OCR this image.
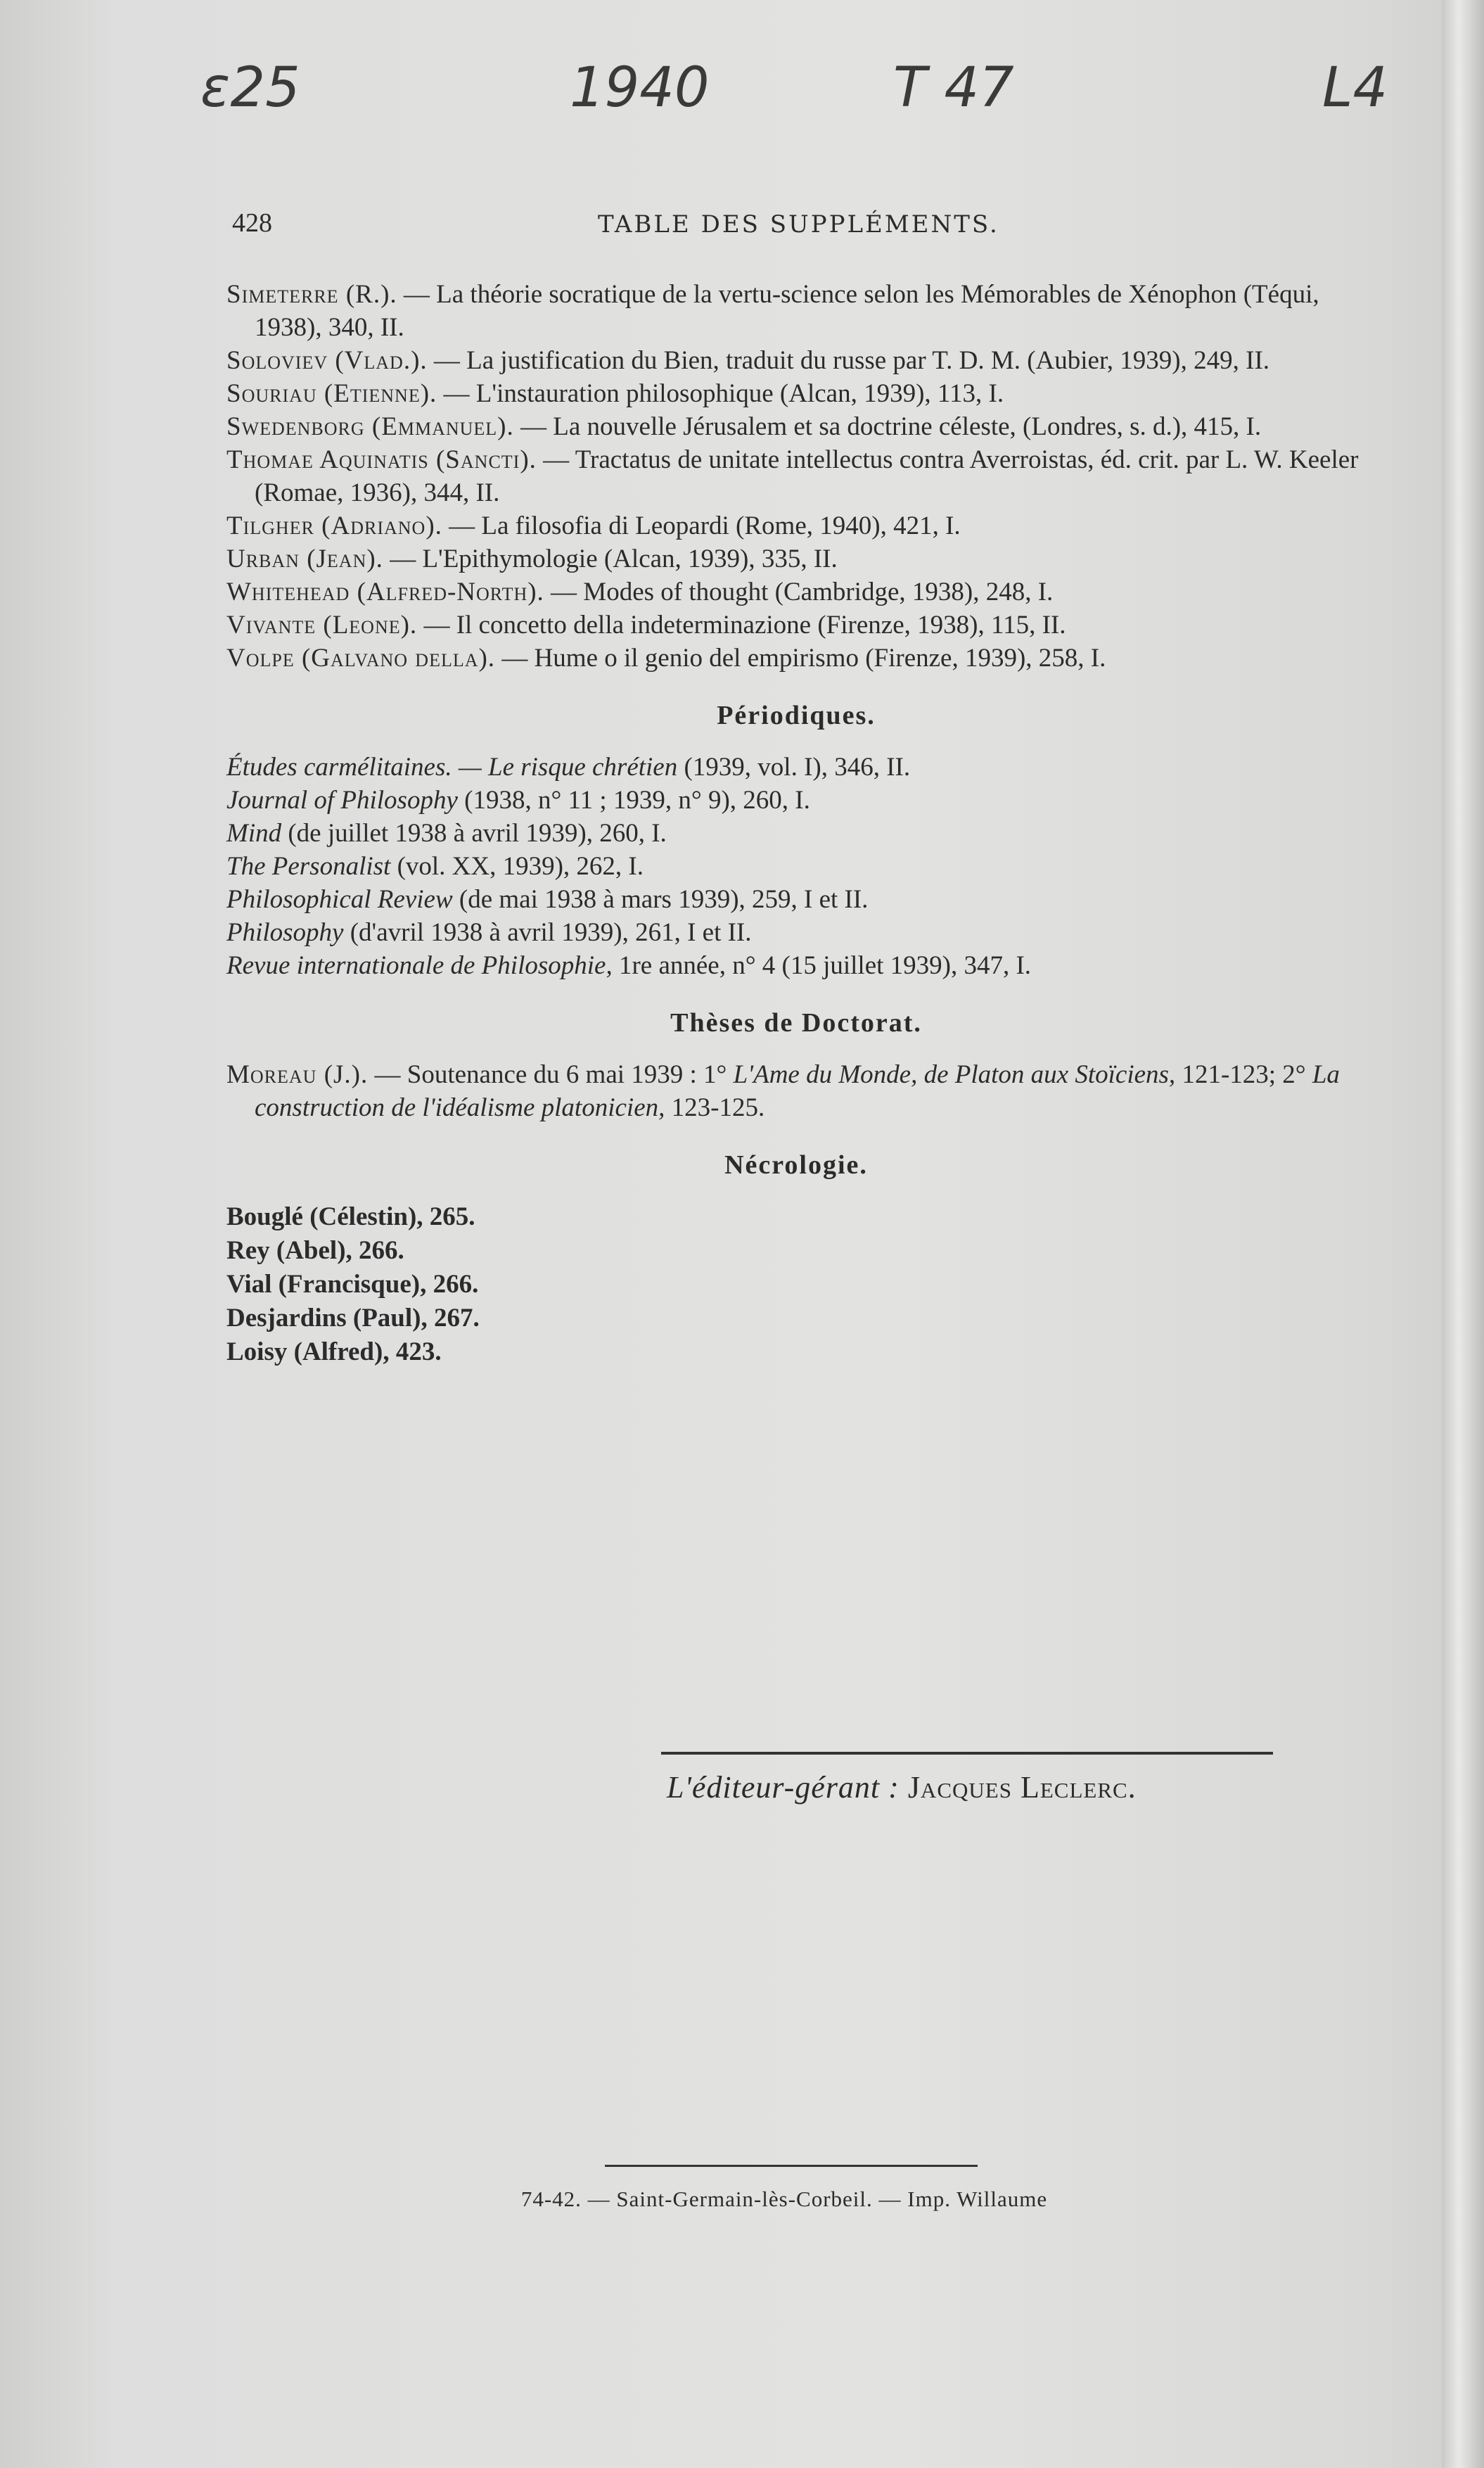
ɛ25	1940	T 47	L4
428	TABLE DES SUPPLÉMENTS.

Simeterre (R.). — La théorie socratique de la vertu-science selon les Mémorables de Xénophon (Téqui, 1938), 340, II.

Soloviev (Vlad.). — La justification du Bien, traduit du russe par T. D. M. (Aubier, 1939), 249, II.

Souriau (Etienne). — L'instauration philosophique (Alcan, 1939), 113, I.

Swedenborg (Emmanuel). — La nouvelle Jérusalem et sa doctrine céleste, (Londres, s. d.), 415, I.

Thomae Aquinatis (Sancti). — Tractatus de unitate intellectus contra Averroistas, éd. crit. par L. W. Keeler (Romae, 1936), 344, II.

Tilgher (Adriano). — La filosofia di Leopardi (Rome, 1940), 421, I.

Urban (Jean). — L'Epithymologie (Alcan, 1939), 335, II.

Whitehead (Alfred-North). — Modes of thought (Cambridge, 1938), 248, I.

Vivante (Leone). — Il concetto della indeterminazione (Firenze, 1938), 115, II.

Volpe (Galvano della). — Hume o il genio del empirismo (Firenze, 1939), 258, I.

Périodiques.

Études carmélitaines. — Le risque chrétien (1939, vol. I), 346, II.

Journal of Philosophy (1938, n° 11 ; 1939, n° 9), 260, I.

Mind (de juillet 1938 à avril 1939), 260, I.

The Personalist (vol. XX, 1939), 262, I.

Philosophical Review (de mai 1938 à mars 1939), 259, I et II.

Philosophy (d'avril 1938 à avril 1939), 261, I et II.

Revue internationale de Philosophie, 1re année, n° 4 (15 juillet 1939), 347, I.

Thèses de Doctorat.

Moreau (J.). — Soutenance du 6 mai 1939 : 1° L'Ame du Monde, de Platon aux Stoïciens, 121-123; 2° La construction de l'idéalisme platonicien, 123-125.

Nécrologie.
Bouglé (Célestin), 265.
Rey (Abel), 266.
Vial (Francisque), 266.
Desjardins (Paul), 267.
Loisy (Alfred), 423.
L'éditeur-gérant : Jacques Leclerc.
74-42. — Saint-Germain-lès-Corbeil. — Imp. Willaume
